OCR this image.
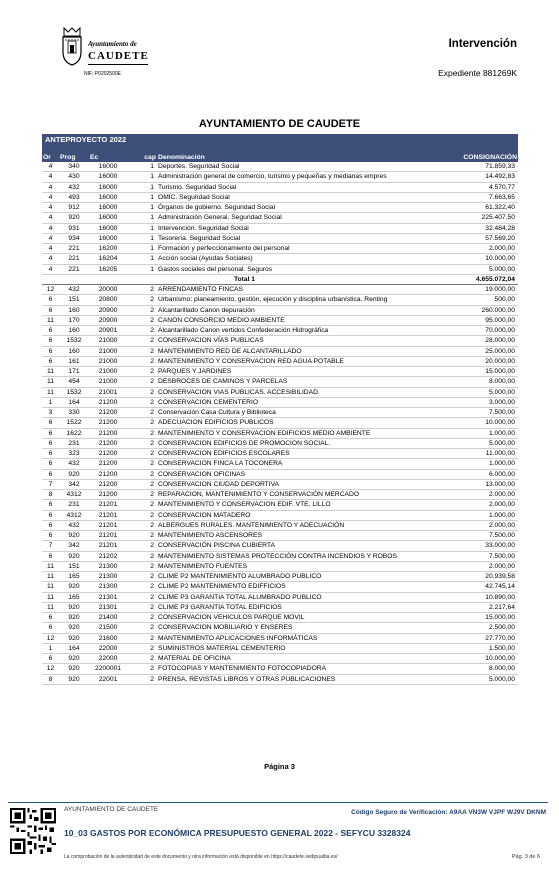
Ayuntamiento de
CAUDETE
NIF: P0202500E
Intervención
Expediente 881269K
AYUNTAMIENTO DE CAUDETE
ANTEPROYECTO 2022
Or	Prog	Ec	cap	Denominación	CONSIGNACIÓN
4	340	16000	1	Deportes. Seguridad Social	71.859,33
4	430	16000	1	Administración general de comercio, turismo y pequeñas y medianas empres	14.492,83
4	432	16000	1	Turismo. Seguridad Social	4.570,77
4	493	16000	1	OMIC. Seguridad Social	7.663,65
4	912	16000	1	Órganos de gobierno. Seguridad Social	61.322,40
4	920	16000	1	Administración General. Seguridad Social	225.407,50
4	931	16000	1	Intervención. Seguridad Social	32.484,28
4	934	16000	1	Tesorería. Seguridad Social	57.569,20
4	221	16200	1	Formación y perfeccionamiento del personal	2.000,00
4	221	16204	1	Acción social (Ayudas Sociales)	10.000,00
4	221	16205	1	Gastos sociales del personal. Seguros	5.000,00
Total 1					4.655.072,04
12	432	20000	2	ARRENDAMIENTO FINCAS	19.000,00
6	151	20800	2	Urbanismo: planeamiento, gestión, ejecución y disciplina urbanística. Renting	500,00
6	160	20900	2	Alcantarillado Canon depuración	260.000,00
11	170	20900	2	CANON CONSORCIO MEDIO AMBIENTE	95.000,00
6	160	20901	2	Alcantarillado Canon vertidos Confederación Hidrográfica	70.000,00
6	1532	21000	2	CONSERVACION VÍAS PUBLICAS	28.000,00
6	160	21000	2	MANTENIMIENTO RED DE ALCANTARILLADO	25.000,00
6	161	21000	2	MANTENIMIENTO Y CONSERVACION RED AGUA POTABLE	20.000,00
11	171	21000	2	PARQUES Y JARDINES	15.000,00
11	454	21000	2	DESBROCES DE CAMINOS Y PARCELAS	8.000,00
11	1532	21001	2	CONSERVACION VIAS PUBLICAS. ACCESIBILIDAD.	5.000,00
1	164	21200	2	CONSERVACION CEMENTERIO	3.000,00
3	330	21200	2	Conservación Casa Cultura y Biblioteca	7.500,00
6	1522	21200	2	ADECUACION EDIFICIOS PUBLICOS	10.000,00
6	1622	21200	2	MANTENIMIENTO Y CONSERVACION EDIFICIOS MEDIO AMBIENTE	1.000,00
6	231	21200	2	CONSERVACION EDIFICIOS DE PROMOCION SOCIAL.	5.000,00
6	323	21200	2	CONSERVACION EDIFICIOS ESCOLARES	11.000,00
6	432	21200	2	CONSERVACION FINCA LA TOCONERA	1.000,00
6	920	21200	2	CONSERVACION OFICINAS	6.000,00
7	342	21200	2	CONSERVACION CIUDAD DEPORTIVA	13.000,00
8	4312	21200	2	REPARACION, MANTENIMIENTO Y CONSERVACIÓN MERCADO	2.000,00
6	231	21201	2	MANTENIMIENTO Y CONSERVACION EDIF. VTE. LILLO	2.000,00
6	4312	21201	2	CONSERVACION MATADERO	1.000,00
6	432	21201	2	ALBERGUES RURALES. MANTENIMIENTO Y ADECUACIÓN	2.000,00
6	920	21201	2	MANTENIMIENTO ASCENSORES	7.500,00
7	342	21201	2	CONSERVACIÓN PISCINA CUBIERTA	33.000,00
6	920	21202	2	MANTENIMIENTO SISTEMAS PROTECCIÓN CONTRA INCENDIOS Y ROBOS	7.500,00
11	151	21300	2	MANTENIMIENTO FUENTES	2.000,00
11	165	21300	2	CLIME P2 MANTENIMIENTO ALUMBRADO PUBLICO	20.939,58
11	920	21300	2	CLIME P2 MANTENIMIENTO EDIFFICIOS	42.745,14
11	165	21301	2	CLIME P3 GARANTIA TOTAL ALUMBRADO PUBLICO	10.890,00
11	920	21301	2	CLIME P3 GARANTIA TOTAL EDIFICIOS	2.217,64
6	920	21400	2	CONSERVACION VEHICULOS PARQUE MOVIL	15.000,00
6	920	21500	2	CONSERVACION MOBILIARIO Y ENSERES	2.500,00
12	920	21600	2	MANTENIMIENTO APLICACIONES INFORMÁTICAS	27.770,00
1	164	22000	2	SUMINISTROS MATERIAL CEMENTERIO	1.500,00
6	920	22000	2	MATERIAL DE OFICINA	10.000,00
12	920	2200001	2	FOTOCOPIAS Y MANTENIMIENTO FOTOCOPIADORA	8.000,00
8	920	22001	2	PRENSA, REVISTAS LIBROS Y OTRAS PUBLICACIONES	5.000,00
Página 3
AYUNTAMIENTO DE CAUDETE	Código Seguro de Verificación: A9AA VN3W VJPF WJ9V DKNM
10_03 GASTOS POR ECONÓMICA PRESUPUESTO GENERAL 2022 - SEFYCU 3328324
La comprobación de la autenticidad de este documento y otra información está disponible en https://caudete.sedipualba.es/	Pág. 3 de 6
